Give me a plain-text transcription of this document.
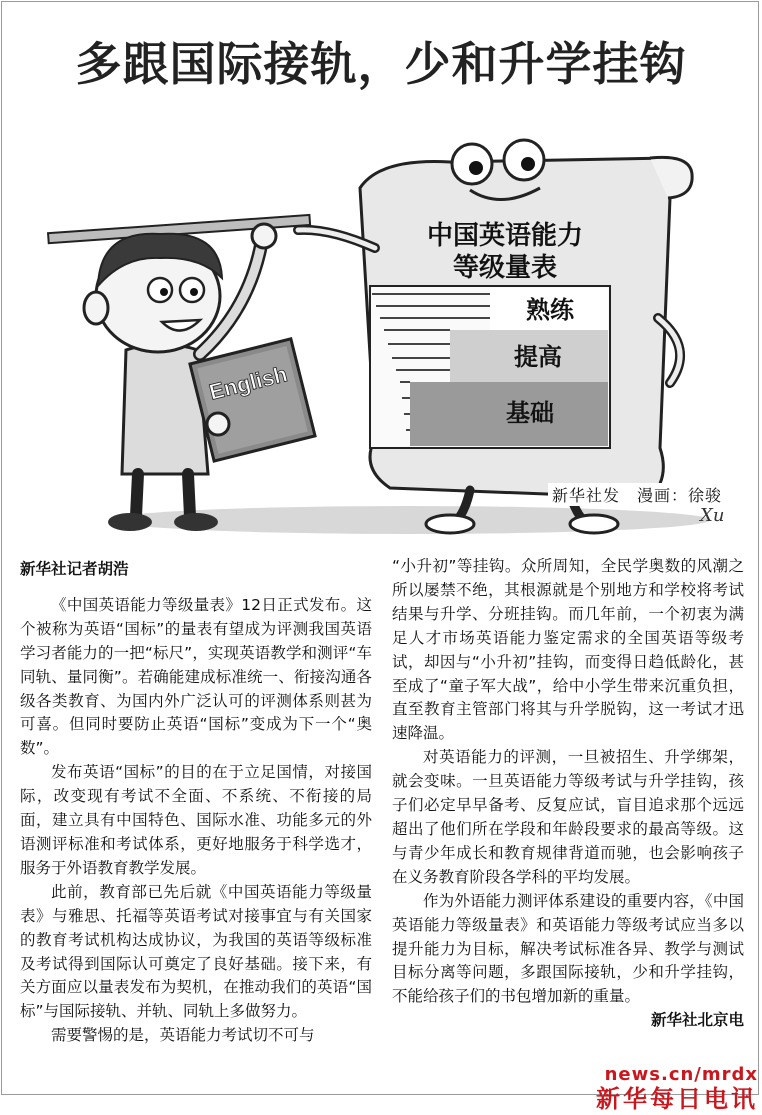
多跟国际接轨，少和升学挂钩
中国英语能力
等级量表
熟练
提高
基础
English
新华社发　漫画：徐骏
Xu

新华社记者胡浩

《中国英语能力等级量表》12日正式发布。这个被称为英语“国标”的量表有望成为评测我国英语学习者能力的一把“标尺”，实现英语教学和测评“车同轨、量同衡”。若确能建成标准统一、衔接沟通各级各类教育、为国内外广泛认可的评测体系则甚为可喜。但同时要防止英语“国标”变成为下一个“奥数”。

发布英语“国标”的目的在于立足国情，对接国际，改变现有考试不全面、不系统、不衔接的局面，建立具有中国特色、国际水准、功能多元的外语测评标准和考试体系，更好地服务于科学选才，服务于外语教育教学发展。

此前，教育部已先后就《中国英语能力等级量表》与雅思、托福等英语考试对接事宜与有关国家的教育考试机构达成协议，为我国的英语等级标准及考试得到国际认可奠定了良好基础。接下来，有关方面应以量表发布为契机，在推动我们的英语“国标”与国际接轨、并轨、同轨上多做努力。

需要警惕的是，英语能力考试切不可与

“小升初”等挂钩。众所周知，全民学奥数的风潮之所以屡禁不绝，其根源就是个别地方和学校将考试结果与升学、分班挂钩。而几年前，一个初衷为满足人才市场英语能力鉴定需求的全国英语等级考试，却因与“小升初”挂钩，而变得日趋低龄化，甚至成了“童子军大战”，给中小学生带来沉重负担，直至教育主管部门将其与升学脱钩，这一考试才迅速降温。

对英语能力的评测，一旦被招生、升学绑架，就会变味。一旦英语能力等级考试与升学挂钩，孩子们必定早早备考、反复应试，盲目追求那个远远超出了他们所在学段和年龄段要求的最高等级。这与青少年成长和教育规律背道而驰，也会影响孩子在义务教育阶段各学科的平均发展。

作为外语能力测评体系建设的重要内容，《中国英语能力等级量表》和英语能力等级考试应当多以提升能力为目标，解决考试标准各异、教学与测试目标分离等问题，多跟国际接轨，少和升学挂钩，不能给孩子们的书包增加新的重量。

新华社北京电

news.cn/mrdx
新华每日电讯
